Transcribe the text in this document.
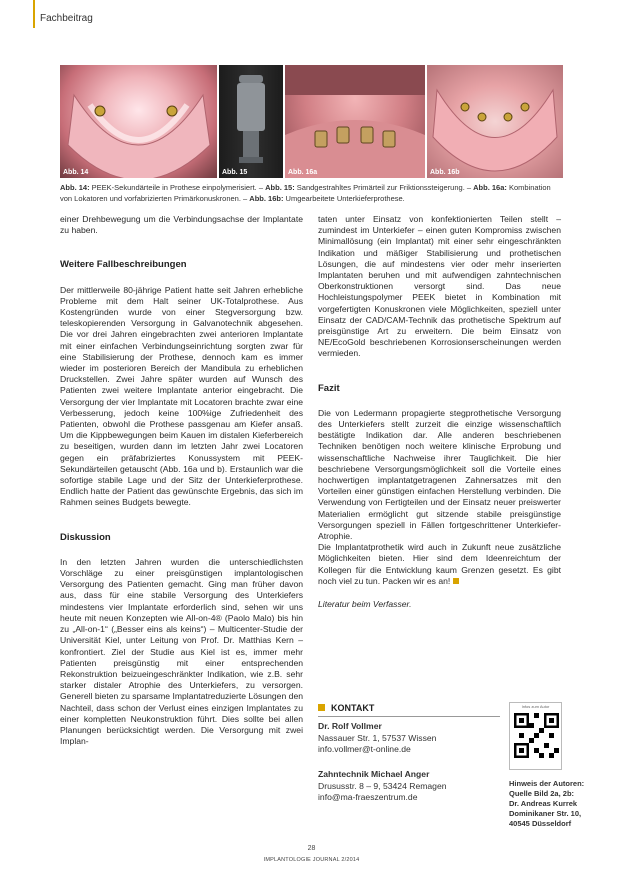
Fachbeitrag
Abb. 14	Abb. 15	Abb. 16a	Abb. 16b
Abb. 14: PEEK-Sekundärteile in Prothese einpolymerisiert. – Abb. 15: Sandgestrahltes Primärteil zur Friktionssteigerung. – Abb. 16a: Kombination von Lokatoren und vorfabrizierten Primärkonuskronen. – Abb. 16b: Umgearbeitete Unterkieferprothese.

einer Drehbewegung um die Verbindungsachse der Implantate zu haben.

Weitere Fallbeschreibungen

Der mittlerweile 80-jährige Patient hatte seit Jahren erhebliche Probleme mit dem Halt seiner UK-Totalprothese. Aus Kostengründen wurde von einer Stegversorgung bzw. teleskopierenden Versorgung in Galvanotechnik abgesehen. Die vor drei Jahren eingebrachten zwei anterioren Implantate mit einer einfachen Verbindungseinrichtung sorgten zwar für eine Stabilisierung der Prothese, dennoch kam es immer wieder im posterioren Bereich der Mandibula zu erheblichen Druckstellen. Zwei Jahre später wurden auf Wunsch des Patienten zwei weitere Implantate anterior eingebracht. Die Versorgung der vier Implantate mit Locatoren brachte zwar eine Verbesserung, jedoch keine 100%ige Zufriedenheit des Patienten, obwohl die Prothese passgenau am Kiefer ansaß. Um die Kippbewegungen beim Kauen im distalen Kieferbereich zu beseitigen, wurden dann im letzten Jahr zwei Locatoren gegen ein präfabriziertes Konussystem mit PEEK-Sekundärteilen getauscht (Abb. 16a und b). Erstaunlich war die sofortige stabile Lage und der Sitz der Unterkieferprothese. Endlich hatte der Patient das gewünschte Ergebnis, das sich im Rahmen seines Budgets bewegte.

Diskussion

In den letzten Jahren wurden die unterschiedlichsten Vorschläge zu einer preisgünstigen implantologischen Versorgung des Patienten gemacht. Ging man früher davon aus, dass für eine stabile Versorgung des Unterkiefers mindestens vier Implantate erforderlich sind, sehen wir uns heute mit neuen Konzepten wie All-on-4® (Paolo Malo) bis hin zu „All-on-1“ („Besser eins als keins“) – Multicenter-Studie der Universität Kiel, unter Leitung von Prof. Dr. Matthias Kern – konfrontiert. Ziel der Studie aus Kiel ist es, immer mehr Patienten preisgünstig mit einer entsprechenden Rekonstruktion beizueingeschränkter Indikation, wie z.B. sehr starker distaler Atrophie des Unterkiefers, zu versorgen. Generell bieten zu sparsame Implantatreduzierte Lösungen den Nachteil, dass schon der Verlust eines einzigen Implantates zu einer kompletten Neukonstruktion führt. Dies sollte bei allen Planungen berücksichtigt werden. Die Versorgung mit zwei Implan-

taten unter Einsatz von konfektionierten Teilen stellt – zumindest im Unterkiefer – einen guten Kompromiss zwischen Minimallösung (ein Implantat) mit einer sehr eingeschränkten Indikation und mäßiger Stabilisierung und prothetischen Lösungen, die auf mindestens vier oder mehr inserierten Implantaten beruhen und mit aufwendigen zahntechnischen Oberkonstruktionen versorgt sind. Das neue Hochleistungspolymer PEEK bietet in Kombination mit vorgefertigten Konuskronen viele Möglichkeiten, speziell unter Einsatz der CAD/CAM-Technik das prothetische Spektrum auf preisgünstige Art zu erweitern. Die beim Einsatz von NE/EcoGold beschriebenen Korrosionserscheinungen werden vermieden.

Fazit

Die von Ledermann propagierte stegprothetische Versorgung des Unterkiefers stellt zurzeit die einzige wissenschaftlich bestätigte Indikation dar. Alle anderen beschriebenen Techniken benötigen noch weitere klinische Erprobung und wissenschaftliche Nachweise ihrer Tauglichkeit. Die hier beschriebene Versorgungsmöglichkeit soll die Vorteile eines hochwertigen implantatgetragenen Zahnersatzes mit den Vorteilen einer günstigen einfachen Herstellung verbinden. Die Verwendung von Fertigteilen und der Einsatz neuer preiswerter Materialien ermöglicht gut sitzende stabile preisgünstige Versorgungen speziell in Fällen fortgeschrittener Unterkiefer-Atrophie.

Die Implantatprothetik wird auch in Zukunft neue zusätzliche Möglichkeiten bieten. Hier sind dem Ideenreichtum der Kollegen für die Entwicklung kaum Grenzen gesetzt. Es gibt noch viel zu tun. Packen wir es an!

Literatur beim Verfasser.

KONTAKT
Dr. Rolf Vollmer
Nassauer Str. 1, 57537 Wissen
info.vollmer@t-online.de
Zahntechnik Michael Anger
Drususstr. 8 – 9, 53424 Remagen
info@ma-fraeszentrum.de
Infos zum Autor
Hinweis der Autoren:
Quelle Bild 2a, 2b:
Dr. Andreas Kurrek
Dominikaner Str. 10,
40545 Düsseldorf
28
IMPLANTOLOGIE JOURNAL 2/2014
